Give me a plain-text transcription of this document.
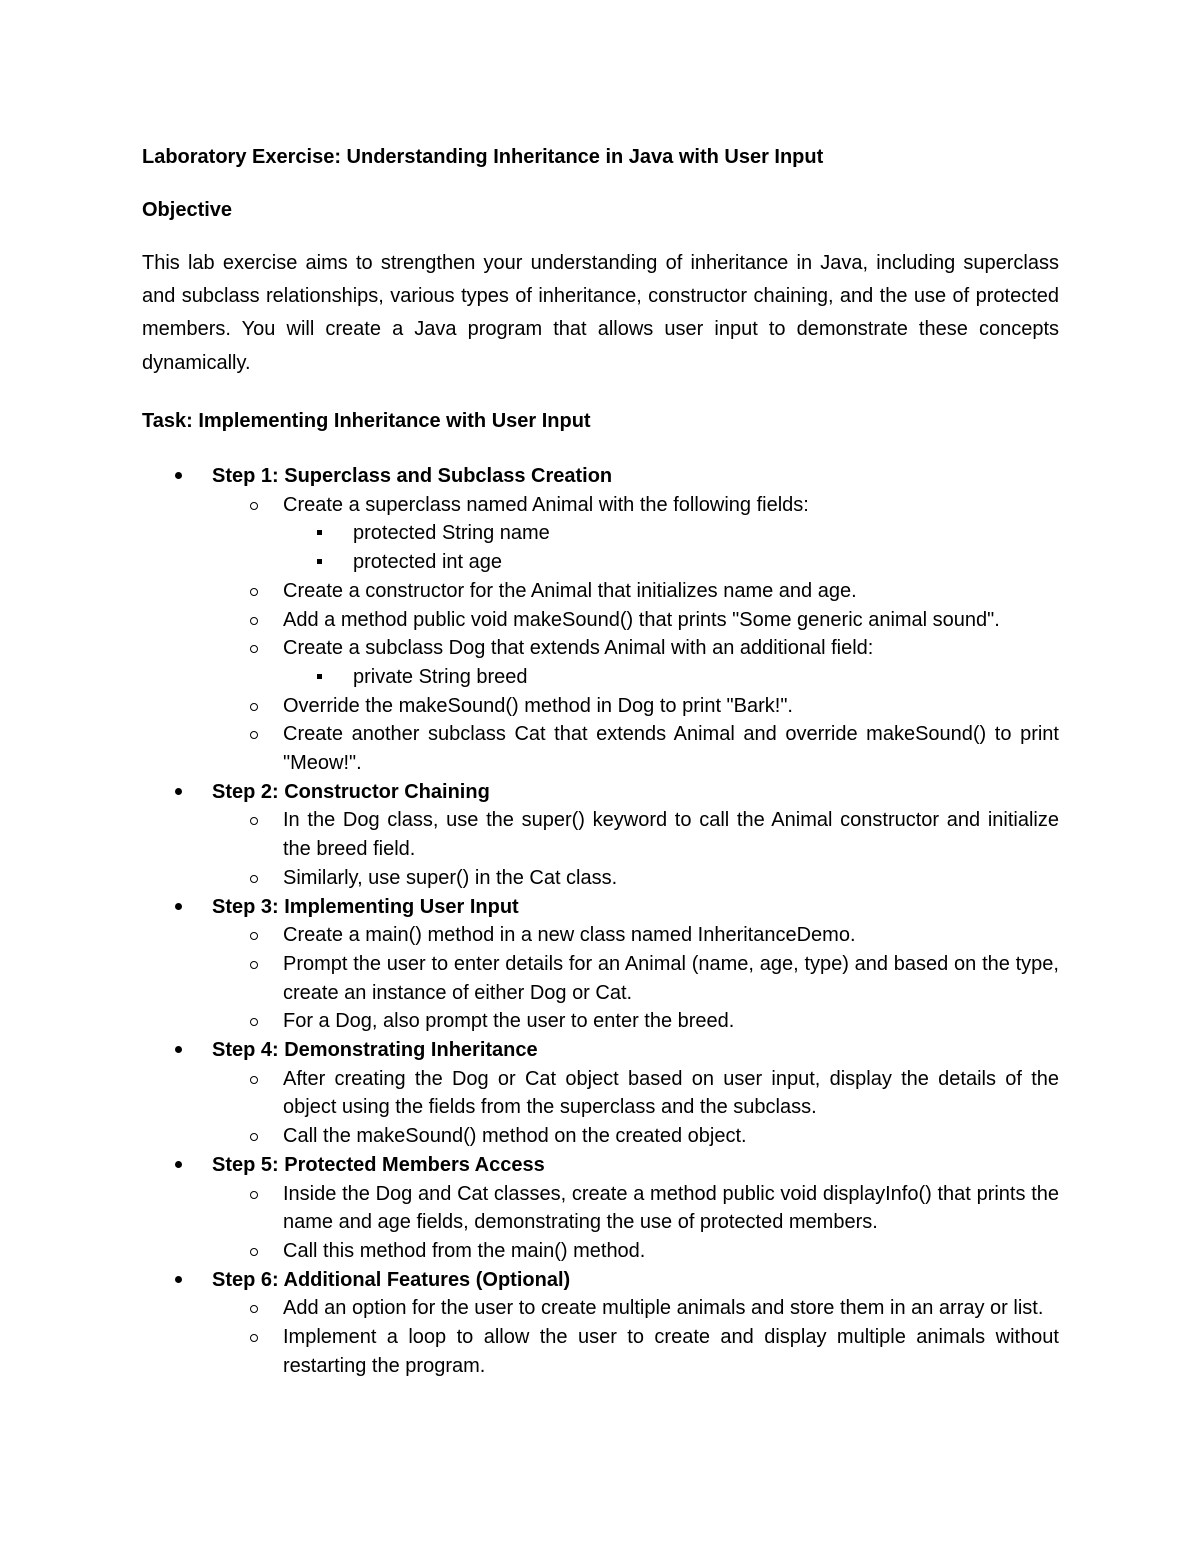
Laboratory Exercise: Understanding Inheritance in Java with User Input
Objective
This lab exercise aims to strengthen your understanding of inheritance in Java, including superclass and subclass relationships, various types of inheritance, constructor chaining, and the use of protected members. You will create a Java program that allows user input to demonstrate these concepts dynamically.
Task: Implementing Inheritance with User Input
Step 1: Superclass and Subclass Creation
Create a superclass named Animal with the following fields:
protected String name
protected int age
Create a constructor for the Animal that initializes name and age.
Add a method public void makeSound() that prints "Some generic animal sound".
Create a subclass Dog that extends Animal with an additional field:
private String breed
Override the makeSound() method in Dog to print "Bark!".
Create another subclass Cat that extends Animal and override makeSound() to print "Meow!".
Step 2: Constructor Chaining
In the Dog class, use the super() keyword to call the Animal constructor and initialize the breed field.
Similarly, use super() in the Cat class.
Step 3: Implementing User Input
Create a main() method in a new class named InheritanceDemo.
Prompt the user to enter details for an Animal (name, age, type) and based on the type, create an instance of either Dog or Cat.
For a Dog, also prompt the user to enter the breed.
Step 4: Demonstrating Inheritance
After creating the Dog or Cat object based on user input, display the details of the object using the fields from the superclass and the subclass.
Call the makeSound() method on the created object.
Step 5: Protected Members Access
Inside the Dog and Cat classes, create a method public void displayInfo() that prints the name and age fields, demonstrating the use of protected members.
Call this method from the main() method.
Step 6: Additional Features (Optional)
Add an option for the user to create multiple animals and store them in an array or list.
Implement a loop to allow the user to create and display multiple animals without restarting the program.
